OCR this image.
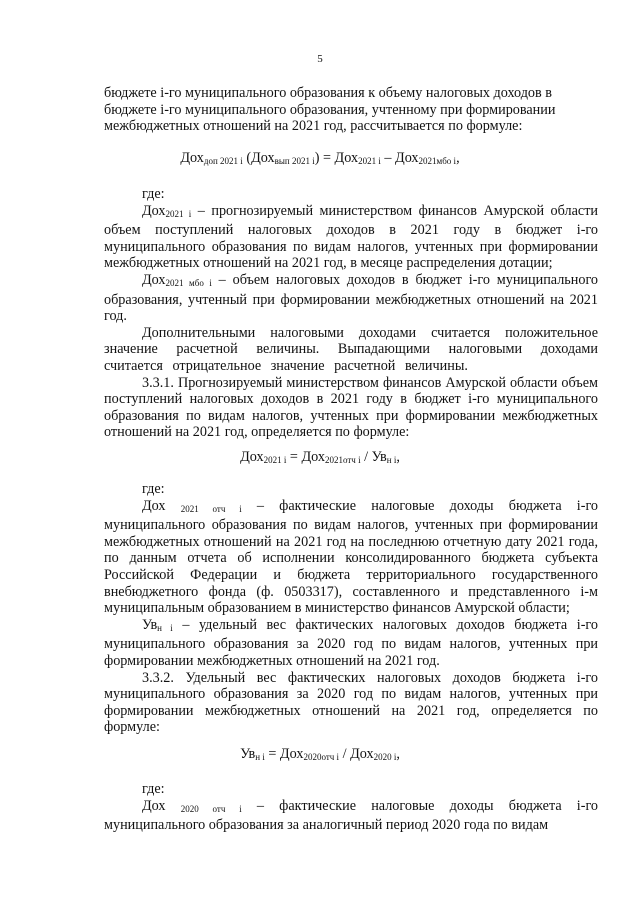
5

бюджете i-го муниципального образования к объему налоговых доходов в

бюджете i-го муниципального образования, учтенному при формировании

межбюджетных отношений на 2021 год, рассчитывается по формуле:

Дох$_{доп 2021 i}$ (Дох$_{вып 2021 i}$) = Дох$_{2021 i}$ – Дох$_{2021мбо i}$,

где:

Дох$_{2021 i}$ – прогнозируемый министерством финансов Амурской области объем поступлений налоговых доходов в 2021 году в бюджет i-го муниципального образования по видам налогов, учтенных при формировании межбюджетных отношений на 2021 год, в месяце распределения дотации;

Дох$_{2021 мбо i}$ – объем налоговых доходов в бюджет i-го муниципального образования, учтенный при формировании межбюджетных отношений на 2021 год.

Дополнительными налоговыми доходами считается положительное значение расчетной величины. Выпадающими налоговыми доходами считается отрицательное значение расчетной величины.

3.3.1. Прогнозируемый министерством финансов Амурской области объем поступлений налоговых доходов в 2021 году в бюджет i-го муниципального образования по видам налогов, учтенных при формировании межбюджетных отношений на 2021 год, определяется по формуле:

$Дох_{2021 i} = Дох_{2021отч i} / Ув_{н i}$,

где:

Дох $_{2021 отч i}$ – фактические налоговые доходы бюджета i-го муниципального образования по видам налогов, учтенных при формировании межбюджетных отношений на 2021 год на последнюю отчетную дату 2021 года, по данным отчета об исполнении консолидированного бюджета субъекта Российской Федерации и бюджета территориального государственного внебюджетного фонда (ф. 0503317), составленного и представленного i-м муниципальным образованием в министерство финансов Амурской области;

$Ув_{н i}$ – удельный вес фактических налоговых доходов бюджета i-го муниципального образования за 2020 год по видам налогов, учтенных при формировании межбюджетных отношений на 2021 год.

3.3.2. Удельный вес фактических налоговых доходов бюджета i-го муниципального образования за 2020 год по видам налогов, учтенных при формировании межбюджетных отношений на 2021 год, определяется по формуле:

$Ув_{н i} = Дох_{2020отч i} / Дох_{2020 i}$,

где:

Дох $_{2020 отч i}$ – фактические налоговые доходы бюджета i-го муниципального образования за аналогичный период 2020 года по видам
